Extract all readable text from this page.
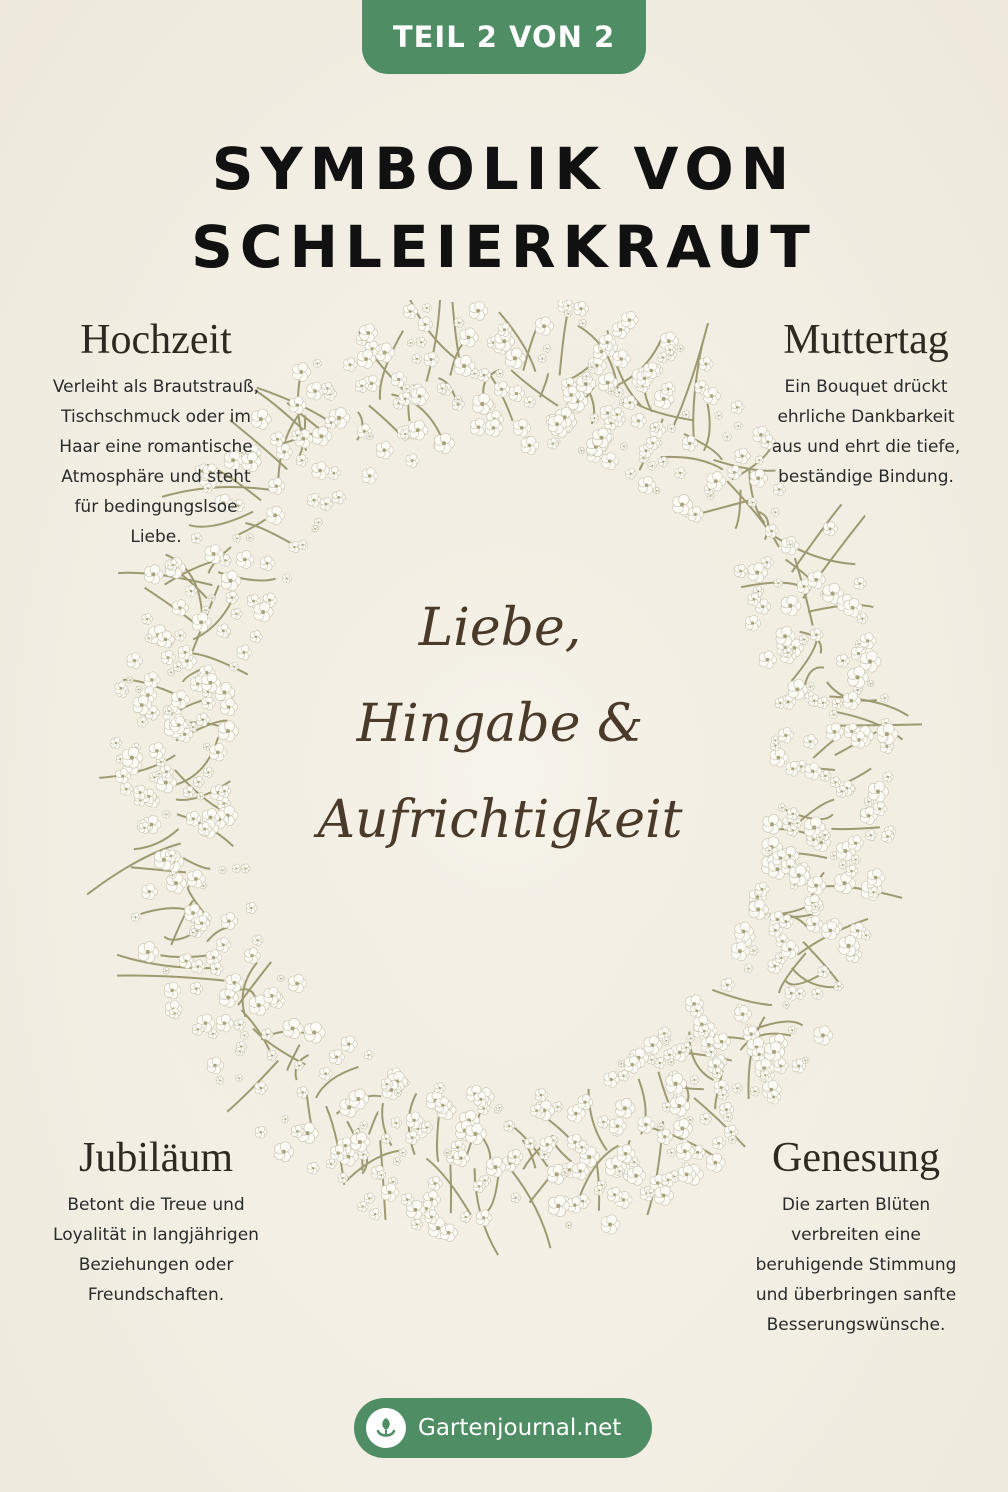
TEIL 2 VON 2
SYMBOLIK VON
SCHLEIERKRAUT
Liebe,
Hingabe &
Aufrichtigkeit
Hochzeit

Verleiht als Brautstrauß,
Tischschmuck oder im
Haar eine romantische
Atmosphäre und steht
für bedingungslsoe
Liebe.

Muttertag

Ein Bouquet drückt
ehrliche Dankbarkeit
aus und ehrt die tiefe,
beständige Bindung.

Jubiläum

Betont die Treue und
Loyalität in langjährigen
Beziehungen oder
Freundschaften.

Genesung

Die zarten Blüten
verbreiten eine
beruhigende Stimmung
und überbringen sanfte
Besserungswünsche.

Gartenjournal.net
